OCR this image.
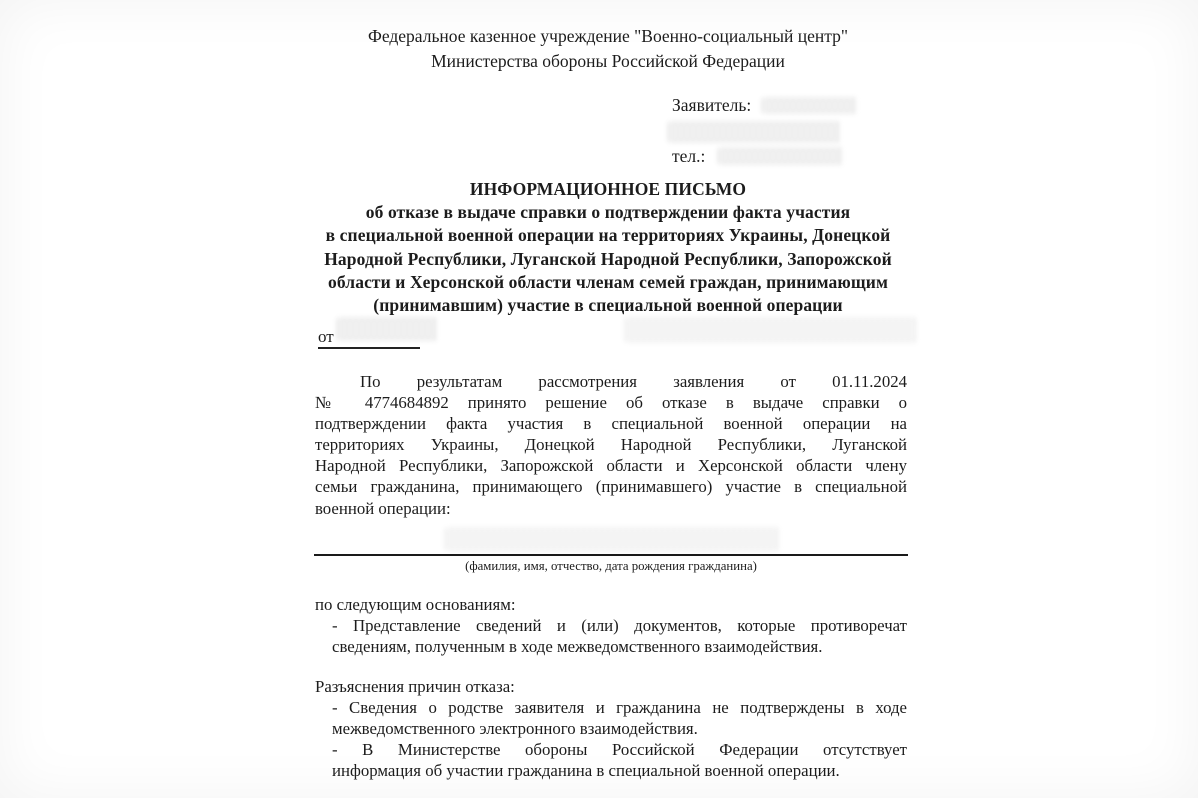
Федеральное казенное учреждение "Военно-социальный центр"
Министерства обороны Российской Федерации
Заявитель:
тел.:
ИНФОРМАЦИОННОЕ ПИСЬМО
об отказе в выдаче справки о подтверждении факта участия
в специальной военной операции на территориях Украины, Донецкой
Народной Республики, Луганской Народной Республики, Запорожской
области и Херсонской области членам семей граждан, принимающим
(принимавшим) участие в специальной военной операции
от
По результатам рассмотрения заявления от 01.11.2024
№ 4774684892 принято решение об отказе в выдаче справки о
подтверждении факта участия в специальной военной операции на
территориях Украины, Донецкой Народной Республики, Луганской
Народной Республики, Запорожской области и Херсонской области члену
семьи гражданина, принимающего (принимавшего) участие в специальной
военной операции:
(фамилия, имя, отчество, дата рождения гражданина)
по следующим основаниям:
- Представление сведений и (или) документов, которые противоречат
сведениям, полученным в ходе межведомственного взаимодействия.
Разъяснения причин отказа:
- Сведения о родстве заявителя и гражданина не подтверждены в ходе
межведомственного электронного взаимодействия.
- В Министерстве обороны Российской Федерации отсутствует
информация об участии гражданина в специальной военной операции.
